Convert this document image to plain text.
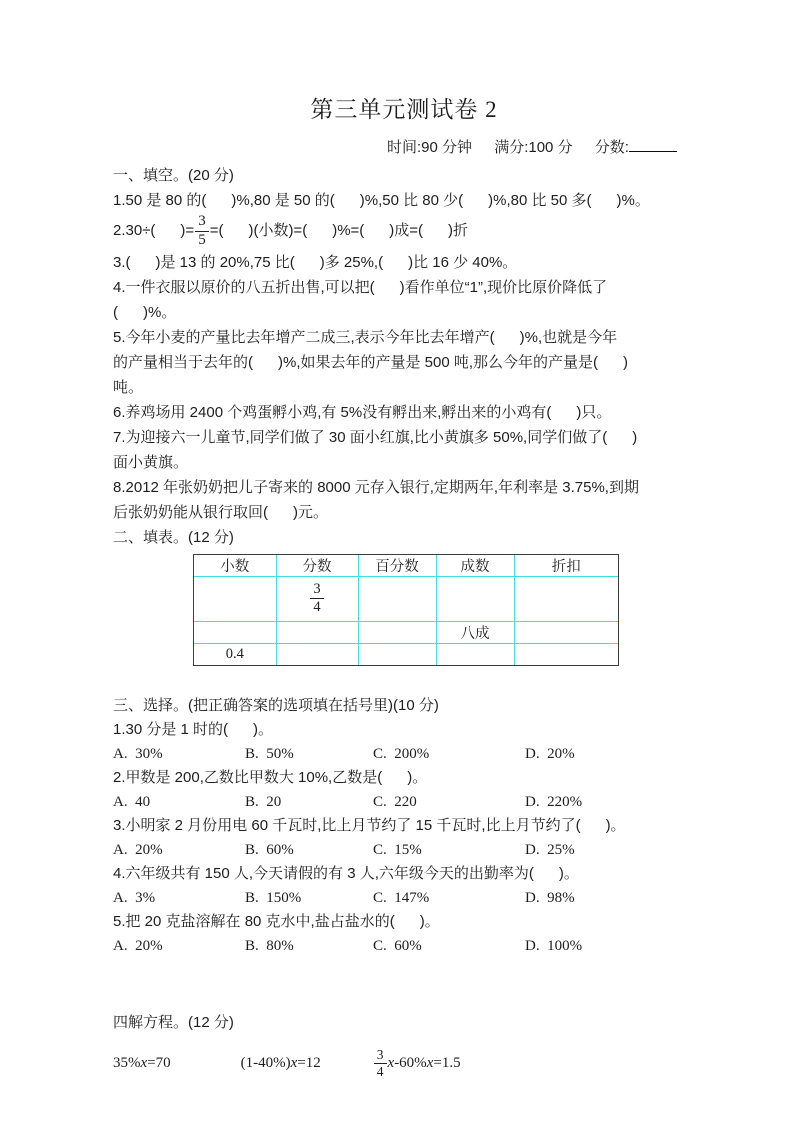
第三单元测试卷 2
时间:90 分钟 满分:100 分 分数:
一、填空。(20 分)
1.50 是 80 的(      )%,80 是 50 的(      )%,50 比 80 少(      )%,80 比 50 多(      )%。
2.30÷(      )= $\frac{3}{5}$ =(      )(小数)=(      )%=(      )成=(      )折
3.(      )是 13 的 20%,75 比(      )多 25%,(      )比 16 少 40%。
4.一件衣服以原价的八五折出售,可以把(      )看作单位“1”,现价比原价降低了
(      )%。
5.今年小麦的产量比去年增产二成三,表示今年比去年增产(      )%,也就是今年
的产量相当于去年的(      )%,如果去年的产量是 500 吨,那么今年的产量是(      )
吨。
6.养鸡场用 2400 个鸡蛋孵小鸡,有 5%没有孵出来,孵出来的小鸡有(      )只。
7.为迎接六一儿童节,同学们做了 30 面小红旗,比小黄旗多 50%,同学们做了(      )
面小黄旗。
8.2012 年张奶奶把儿子寄来的 8000 元存入银行,定期两年,年利率是 3.75%,到期
后张奶奶能从银行取回(      )元。
二、填表。(12 分)
小数	分数	百分数	成数	折扣

	$\frac{3}{4}$

			八成	
0.4				
三、选择。(把正确答案的选项填在括号里)(10 分)
1.30 分是 1 时的(      )。
A.  30%	B.  50%	C.  200%	D.  20%
2.甲数是 200,乙数比甲数大 10%,乙数是(      )。
A.  40	B.  20	C.  220	D.  220%
3.小明家 2 月份用电 60 千瓦时,比上月节约了 15 千瓦时,比上月节约了(      )。
A.  20%	B.  60%	C.  15%	D.  25%
4.六年级共有 150 人,今天请假的有 3 人,六年级今天的出勤率为(      )。
A.  3%	B.  150%	C.  147%	D.  98%
5.把 20 克盐溶解在 80 克水中,盐占盐水的(      )。
A.  20%	B.  80%	C.  60%	D.  100%
四解方程。(12 分)
35%x=70	(1-40%)x=12	$\frac{3}{4}$ x -60% x =1.5
